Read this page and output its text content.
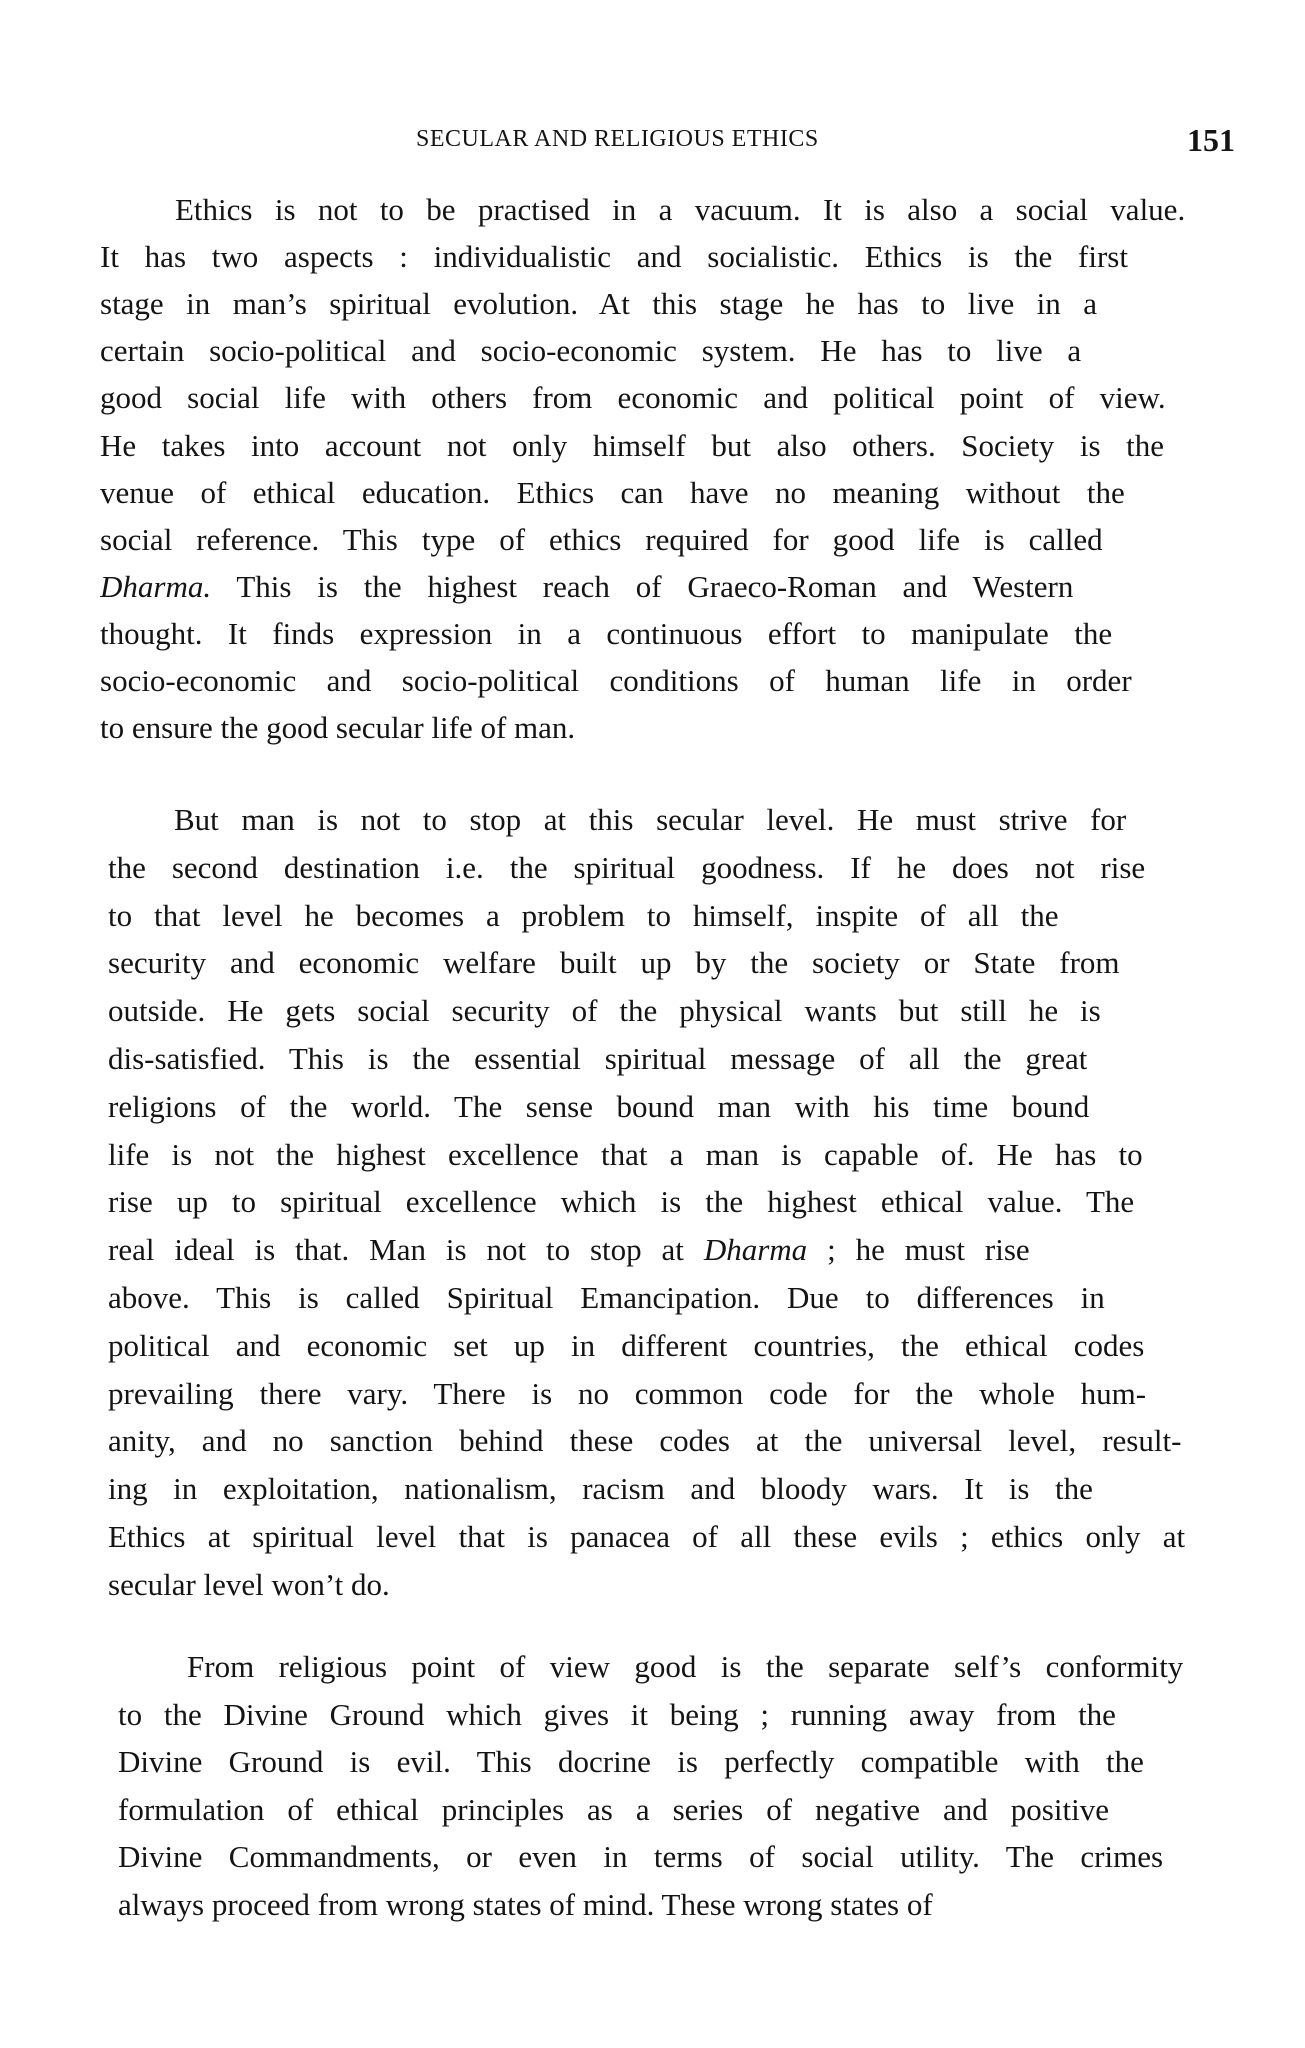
SECULAR AND RELIGIOUS ETHICS	151
Ethics is not to be practised in a vacuum. It is also a social value.
It has two aspects : individualistic and socialistic. Ethics is the first
stage in man’s spiritual evolution. At this stage he has to live in a
certain socio-political and socio-economic system. He has to live a
good social life with others from economic and political point of view.
He takes into account not only himself but also others. Society is the
venue of ethical education. Ethics can have no meaning without the
social reference. This type of ethics required for good life is called
Dharma. This is the highest reach of Graeco-Roman and Western
thought. It finds expression in a continuous effort to manipulate the
socio-economic and socio-political conditions of human life in order
to ensure the good secular life of man.
But man is not to stop at this secular level. He must strive for
the second destination i.e. the spiritual goodness. If he does not rise
to that level he becomes a problem to himself, inspite of all the
security and economic welfare built up by the society or State from
outside. He gets social security of the physical wants but still he is
dis-satisfied. This is the essential spiritual message of all the great
religions of the world. The sense bound man with his time bound
life is not the highest excellence that a man is capable of. He has to
rise up to spiritual excellence which is the highest ethical value. The
real ideal is that. Man is not to stop at Dharma ; he must rise
above. This is called Spiritual Emancipation. Due to differences in
political and economic set up in different countries, the ethical codes
prevailing there vary. There is no common code for the whole hum-
anity, and no sanction behind these codes at the universal level, result-
ing in exploitation, nationalism, racism and bloody wars. It is the
Ethics at spiritual level that is panacea of all these evils ; ethics only at
secular level won’t do.
From religious point of view good is the separate self’s conformity
to the Divine Ground which gives it being ; running away from the
Divine Ground is evil. This docrine is perfectly compatible with the
formulation of ethical principles as a series of negative and positive
Divine Commandments, or even in terms of social utility. The crimes
always proceed from wrong states of mind. These wrong states of
